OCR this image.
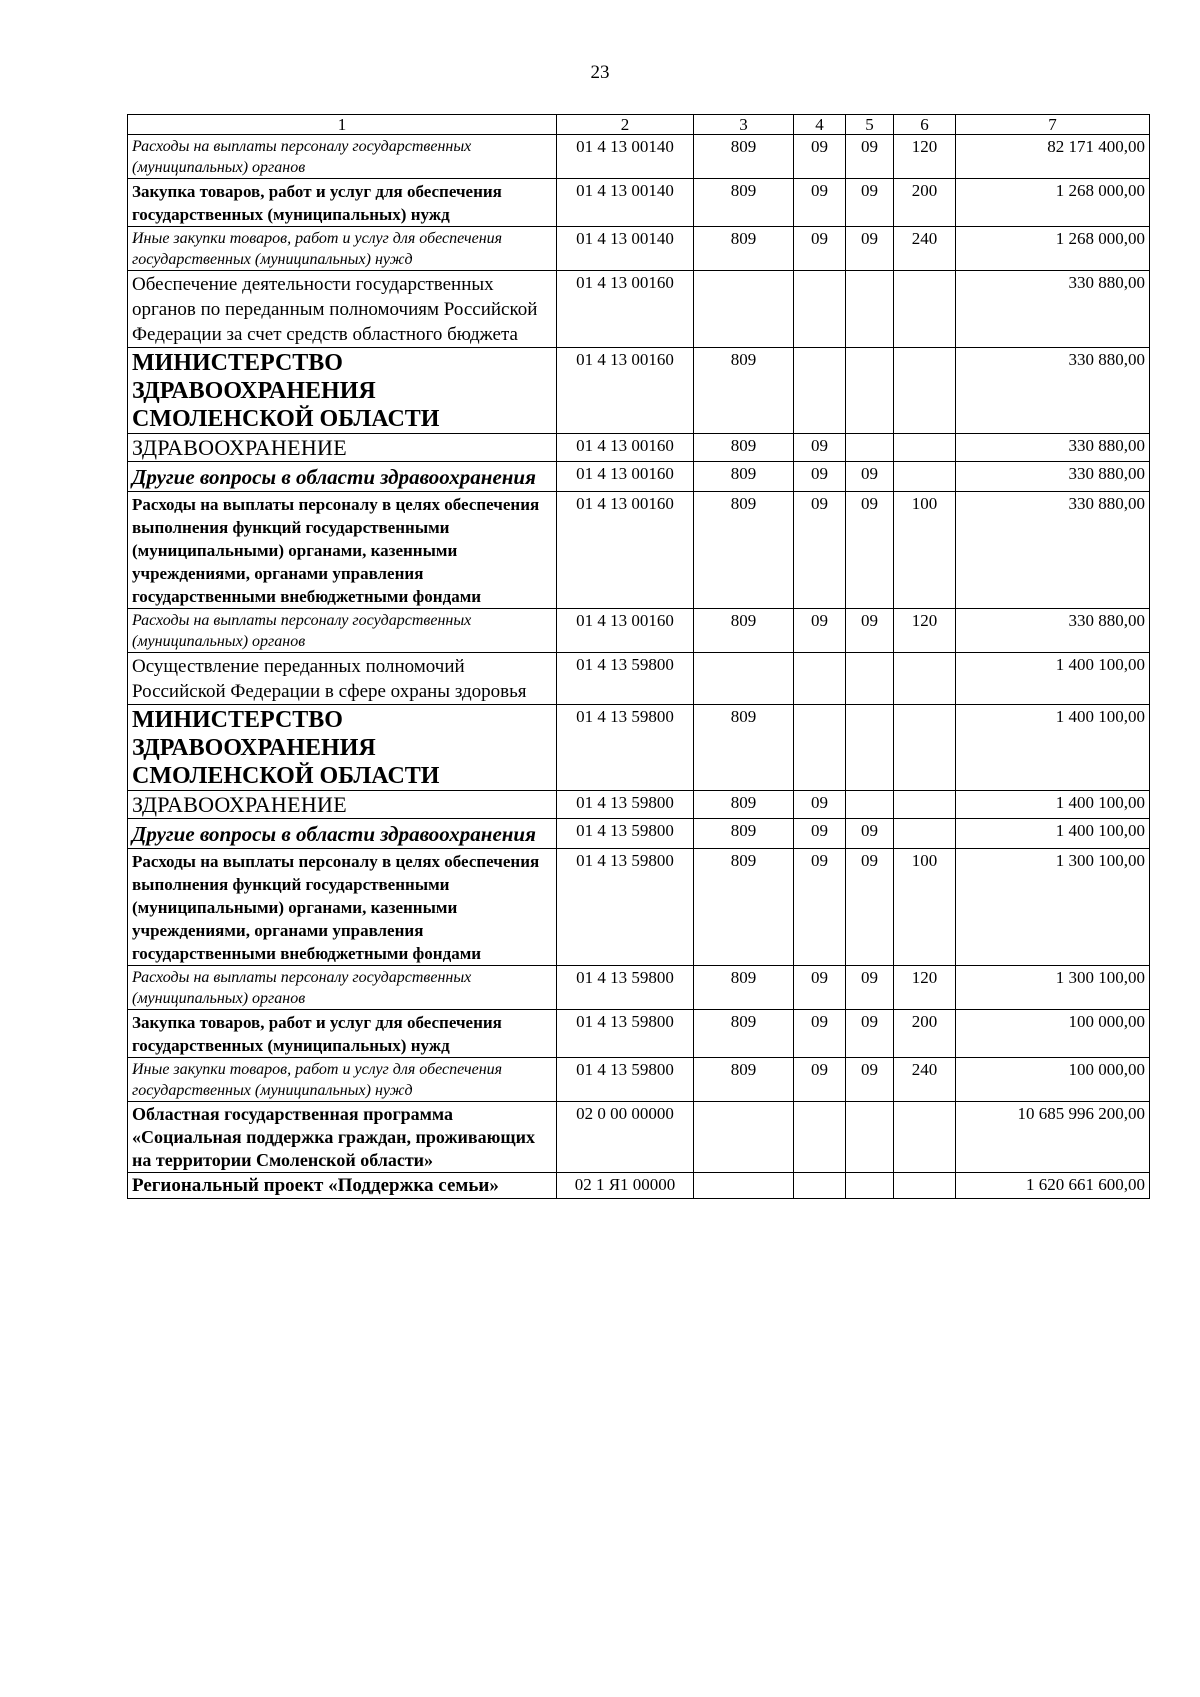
23
1	2	3	4	5	6	7
Расходы на выплаты персоналу государственных (муниципальных) органов	01 4 13 00140	809	09	09	120	82 171 400,00
Закупка товаров, работ и услуг для обеспечения государственных (муниципальных) нужд	01 4 13 00140	809	09	09	200	1 268 000,00
Иные закупки товаров, работ и услуг для обеспечения государственных (муниципальных) нужд	01 4 13 00140	809	09	09	240	1 268 000,00
Обеспечение деятельности государственных органов по переданным полномочиям Российской Федерации за счет средств областного бюджета	01 4 13 00160					330 880,00
МИНИСТЕРСТВО ЗДРАВООХРАНЕНИЯ СМОЛЕНСКОЙ ОБЛАСТИ	01 4 13 00160	809				330 880,00
ЗДРАВООХРАНЕНИЕ	01 4 13 00160	809	09			330 880,00
Другие вопросы в области здравоохранения	01 4 13 00160	809	09	09		330 880,00
Расходы на выплаты персоналу в целях обеспечения выполнения функций государственными (муниципальными) органами, казенными учреждениями, органами управления государственными внебюджетными фондами	01 4 13 00160	809	09	09	100	330 880,00
Расходы на выплаты персоналу государственных (муниципальных) органов	01 4 13 00160	809	09	09	120	330 880,00
Осуществление переданных полномочий Российской Федерации в сфере охраны здоровья	01 4 13 59800					1 400 100,00
МИНИСТЕРСТВО ЗДРАВООХРАНЕНИЯ СМОЛЕНСКОЙ ОБЛАСТИ	01 4 13 59800	809				1 400 100,00
ЗДРАВООХРАНЕНИЕ	01 4 13 59800	809	09			1 400 100,00
Другие вопросы в области здравоохранения	01 4 13 59800	809	09	09		1 400 100,00
Расходы на выплаты персоналу в целях обеспечения выполнения функций государственными (муниципальными) органами, казенными учреждениями, органами управления государственными внебюджетными фондами	01 4 13 59800	809	09	09	100	1 300 100,00
Расходы на выплаты персоналу государственных (муниципальных) органов	01 4 13 59800	809	09	09	120	1 300 100,00
Закупка товаров, работ и услуг для обеспечения государственных (муниципальных) нужд	01 4 13 59800	809	09	09	200	100 000,00
Иные закупки товаров, работ и услуг для обеспечения государственных (муниципальных) нужд	01 4 13 59800	809	09	09	240	100 000,00
Областная государственная программа «Социальная поддержка граждан, проживающих на территории Смоленской области»	02 0 00 00000					10 685 996 200,00
Региональный проект «Поддержка семьи»	02 1 Я1 00000					1 620 661 600,00
